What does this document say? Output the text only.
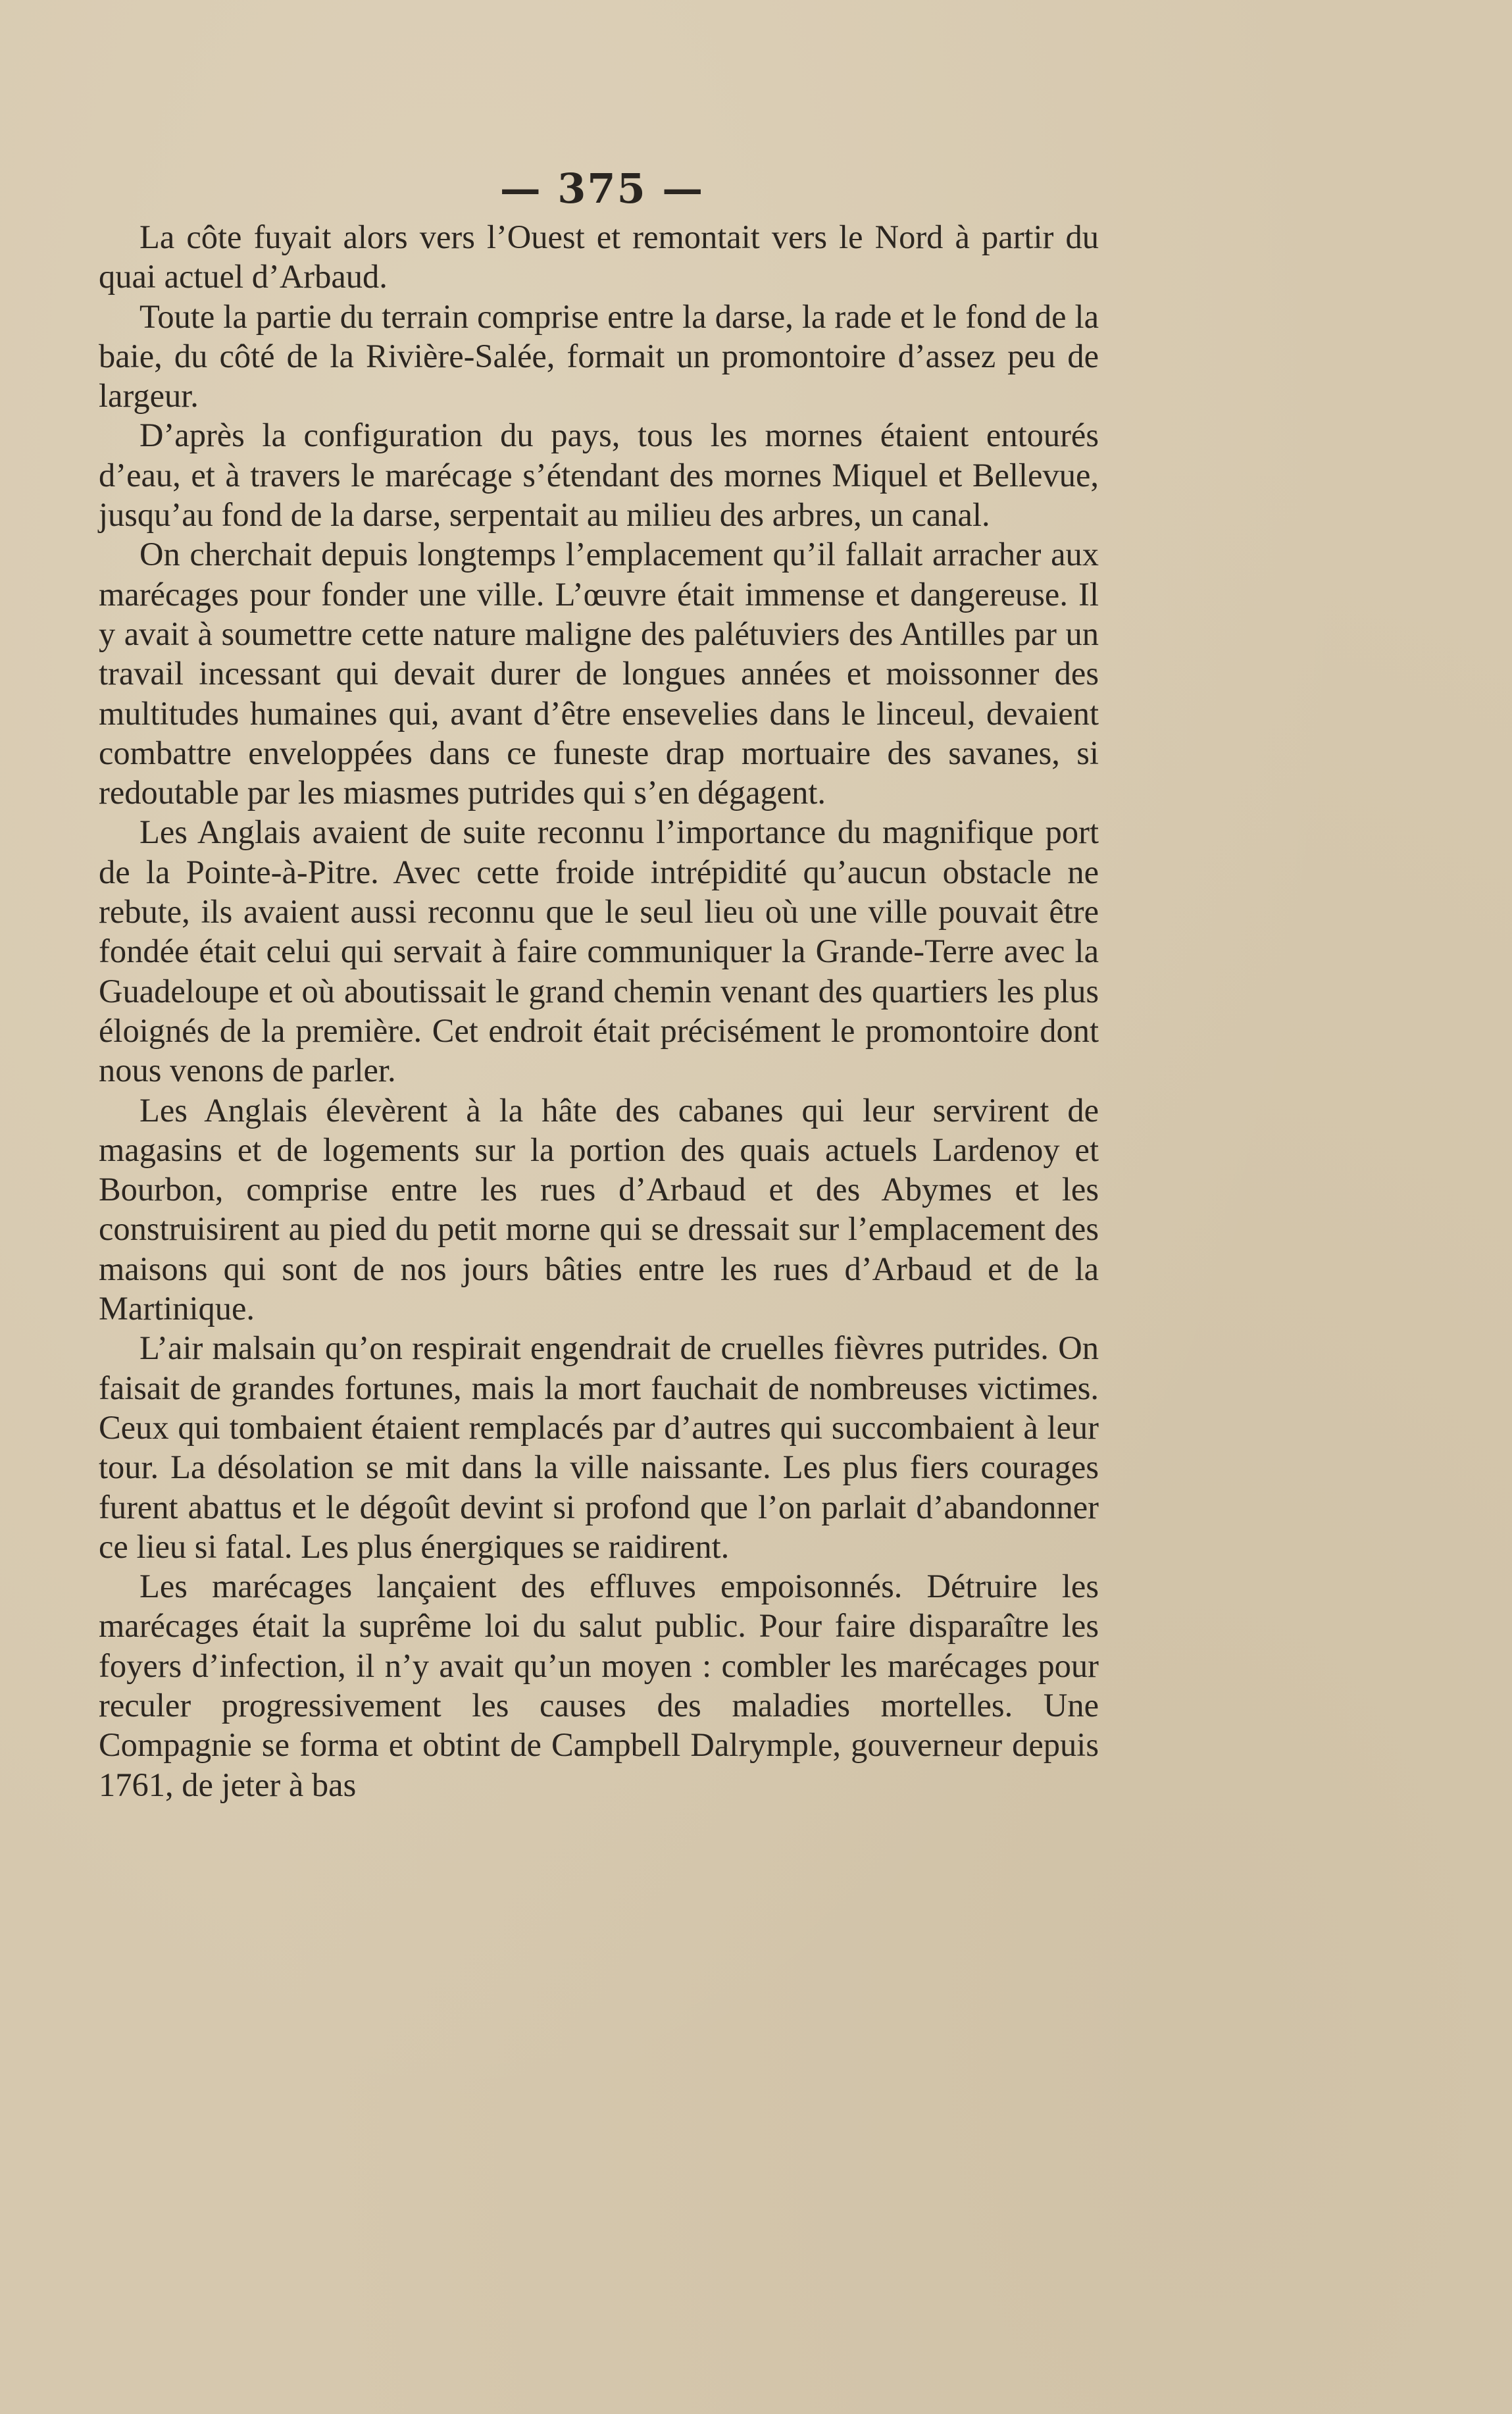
— 375 —

La côte fuyait alors vers l’Ouest et remontait vers le Nord à partir du quai actuel d’Arbaud.

Toute la partie du terrain comprise entre la darse, la rade et le fond de la baie, du côté de la Rivière-Salée, formait un promontoire d’assez peu de largeur.

D’après la configuration du pays, tous les mornes étaient entourés d’eau, et à travers le marécage s’étendant des mornes Miquel et Bellevue, jusqu’au fond de la darse, serpentait au milieu des arbres, un canal.

On cherchait depuis longtemps l’emplacement qu’il fallait arracher aux marécages pour fonder une ville. L’œuvre était immense et dangereuse. Il y avait à soumettre cette nature maligne des palétuviers des Antilles par un travail incessant qui devait durer de longues années et moissonner des multitudes humaines qui, avant d’être ensevelies dans le linceul, devaient combattre enveloppées dans ce funeste drap mortuaire des savanes, si redoutable par les miasmes putrides qui s’en dégagent.

Les Anglais avaient de suite reconnu l’importance du magnifique port de la Pointe-à-Pitre. Avec cette froide intrépidité qu’aucun obstacle ne rebute, ils avaient aussi reconnu que le seul lieu où une ville pouvait être fondée était celui qui servait à faire communiquer la Grande-Terre avec la Guadeloupe et où aboutissait le grand chemin venant des quartiers les plus éloignés de la première. Cet endroit était précisément le promontoire dont nous venons de parler.

Les Anglais élevèrent à la hâte des cabanes qui leur servirent de magasins et de logements sur la portion des quais actuels Lardenoy et Bourbon, comprise entre les rues d’Arbaud et des Abymes et les construisirent au pied du petit morne qui se dressait sur l’emplacement des maisons qui sont de nos jours bâties entre les rues d’Arbaud et de la Martinique.

L’air malsain qu’on respirait engendrait de cruelles fièvres putrides. On faisait de grandes fortunes, mais la mort fauchait de nombreuses victimes. Ceux qui tombaient étaient remplacés par d’autres qui succombaient à leur tour. La désolation se mit dans la ville naissante. Les plus fiers courages furent abattus et le dégoût devint si profond que l’on parlait d’abandonner ce lieu si fatal. Les plus énergiques se raidirent.

Les marécages lançaient des effluves empoisonnés. Détruire les marécages était la suprême loi du salut public. Pour faire disparaître les foyers d’infection, il n’y avait qu’un moyen : combler les marécages pour reculer progressivement les causes des maladies mortelles. Une Compagnie se forma et obtint de Campbell Dalrymple, gouverneur depuis 1761, de jeter à bas
